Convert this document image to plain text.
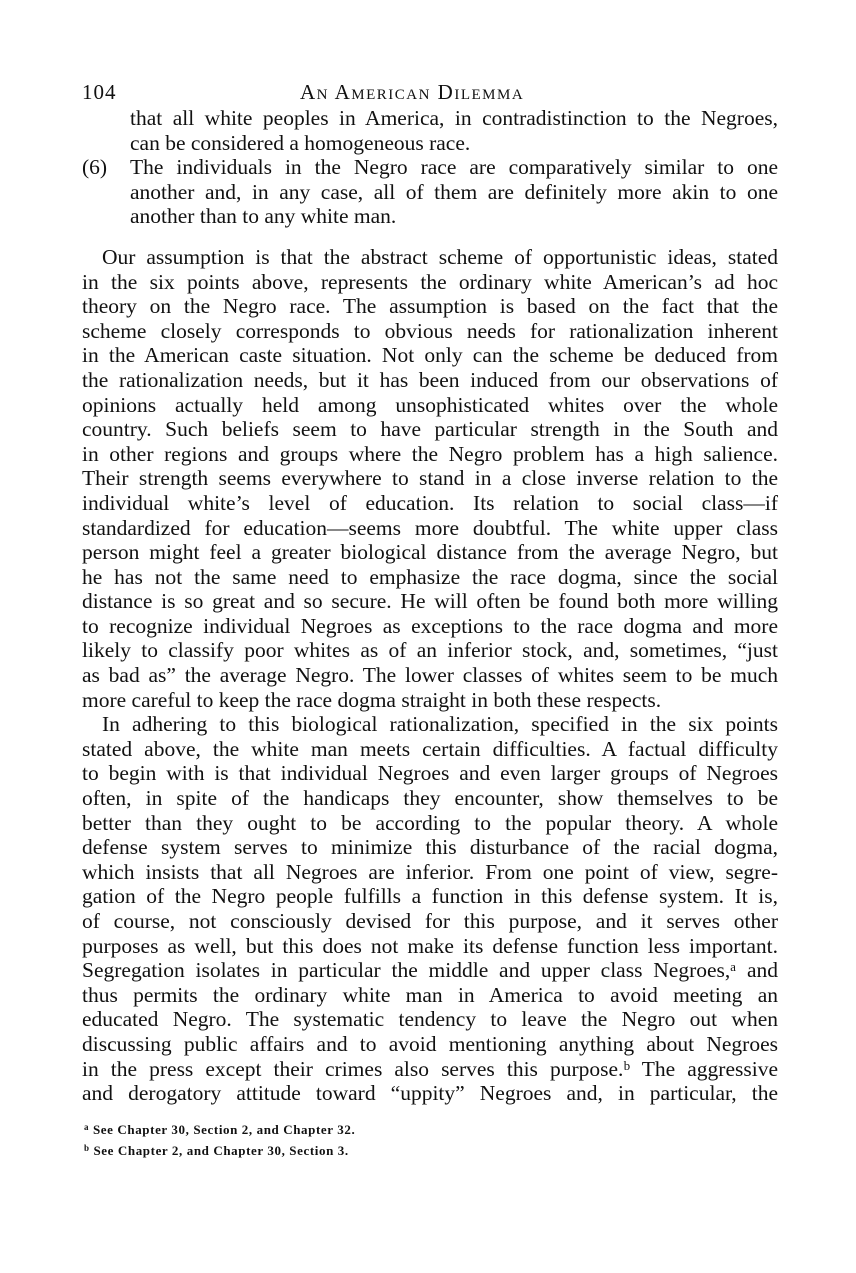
104	An American Dilemma
that all white peoples in America, in contradistinction to the Negroes,
can be considered a homogeneous race.
(6)	The individuals in the Negro race are comparatively similar to one
another and, in any case, all of them are definitely more akin to one
another than to any white man.
Our assumption is that the abstract scheme of opportunistic ideas, stated
in the six points above, represents the ordinary white American’s ad hoc
theory on the Negro race. The assumption is based on the fact that the
scheme closely corresponds to obvious needs for rationalization inherent
in the American caste situation. Not only can the scheme be deduced from
the rationalization needs, but it has been induced from our observations of
opinions actually held among unsophisticated whites over the whole
country. Such beliefs seem to have particular strength in the South and
in other regions and groups where the Negro problem has a high salience.
Their strength seems everywhere to stand in a close inverse relation to the
individual white’s level of education. Its relation to social class—if
standardized for education—seems more doubtful. The white upper class
person might feel a greater biological distance from the average Negro, but
he has not the same need to emphasize the race dogma, since the social
distance is so great and so secure. He will often be found both more willing
to recognize individual Negroes as exceptions to the race dogma and more
likely to classify poor whites as of an inferior stock, and, sometimes, “just
as bad as” the average Negro. The lower classes of whites seem to be much
more careful to keep the race dogma straight in both these respects.
In adhering to this biological rationalization, specified in the six points
stated above, the white man meets certain difficulties. A factual difficulty
to begin with is that individual Negroes and even larger groups of Negroes
often, in spite of the handicaps they encounter, show themselves to be
better than they ought to be according to the popular theory. A whole
defense system serves to minimize this disturbance of the racial dogma,
which insists that all Negroes are inferior. From one point of view, segre-
gation of the Negro people fulfills a function in this defense system. It is,
of course, not consciously devised for this purpose, and it serves other
purposes as well, but this does not make its defense function less important.
Segregation isolates in particular the middle and upper class Negroes,ᵃ and
thus permits the ordinary white man in America to avoid meeting an
educated Negro. The systematic tendency to leave the Negro out when
discussing public affairs and to avoid mentioning anything about Negroes
in the press except their crimes also serves this purpose.ᵇ The aggressive
and derogatory attitude toward “uppity” Negroes and, in particular, the
$^a$ See Chapter 30, Section 2, and Chapter 32.
$^b$ See Chapter 2, and Chapter 30, Section 3.
